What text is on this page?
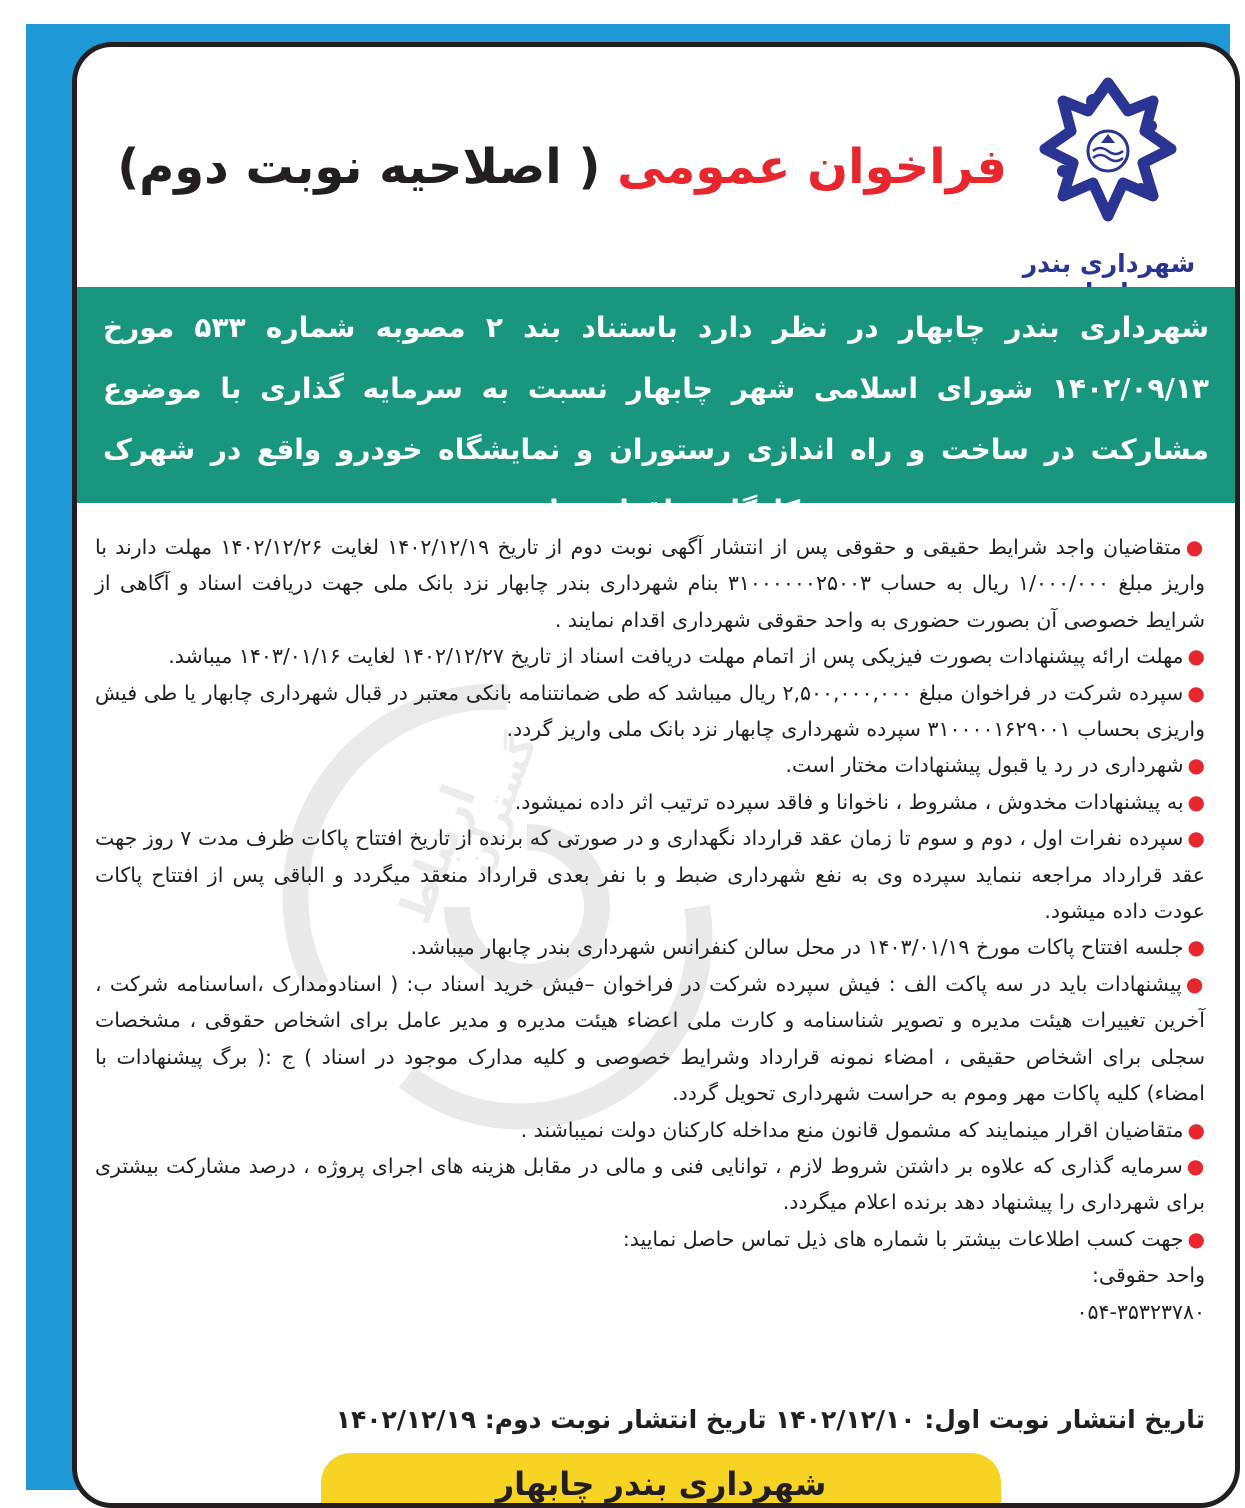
شهرداری بندر
فراخوان عمومی ( اصلاحیه نوبت دوم)
شهرداری بندر چابهار در نظر دارد باستناد بند ۲ مصوبه شماره ۵۳۳ مورخ ۱۴۰۲/۰۹/۱۳ شورای اسلامی شهر چابهار نسبت به سرمایه گذاری با موضوع مشارکت در ساخت و راه اندازی رستوران و نمایشگاه خودرو واقع در شهرک کارگاهی اقدام نماید.
ارتباط
گستران

●متقاضیان واجد شرایط حقیقی و حقوقی پس از انتشار آگهی نوبت دوم از تاریخ ۱۴۰۲/۱۲/۱۹ لغایت ۱۴۰۲/۱۲/۲۶ مهلت دارند با واریز مبلغ ۱/۰۰۰/۰۰۰ ریال به حساب ۳۱۰۰۰۰۰۰۲۵۰۰۳ بنام شهرداری بندر چابهار نزد بانک ملی جهت دریافت اسناد و آگاهی از شرایط خصوصی آن بصورت حضوری به واحد حقوقی شهرداری اقدام نمایند .

●مهلت ارائه پیشنهادات بصورت فیزیکی پس از اتمام مهلت دریافت اسناد از تاریخ ۱۴۰۲/۱۲/۲۷ لغایت ۱۴۰۳/۰۱/۱۶ میباشد.

●سپرده شرکت در فراخوان مبلغ ۲,۵۰۰,۰۰۰,۰۰۰ ریال میباشد که طی ضمانتنامه بانکی معتبر در قبال شهرداری چابهار یا طی فیش واریزی بحساب ۳۱۰۰۰۰۱۶۲۹۰۰۱ سپرده شهرداری چابهار نزد بانک ملی واریز گردد.

●شهرداری در رد یا قبول پیشنهادات مختار است.

●به پیشنهادات مخدوش ، مشروط ، ناخوانا و فاقد سپرده ترتیب اثر داده نمیشود.

●سپرده نفرات اول ، دوم و سوم تا زمان عقد قرارداد نگهداری و در صورتی که برنده از تاریخ افتتاح پاکات ظرف مدت ۷ روز جهت عقد قرارداد مراجعه ننماید سپرده وی به نفع شهرداری ضبط و با نفر بعدی قرارداد منعقد میگردد و الباقی پس از افتتاح پاکات عودت داده میشود.

●جلسه افتتاح پاکات مورخ ۱۴۰۳/۰۱/۱۹ در محل سالن کنفرانس شهرداری بندر چابهار میباشد.

●پیشنهادات باید در سه پاکت الف : فیش سپرده شرکت در فراخوان –فیش خرید اسناد ب: ( اسنادومدارک ،اساسنامه شرکت ، آخرین تغییرات هیئت مدیره و تصویر شناسنامه و کارت ملی اعضاء هیئت مدیره و مدیر عامل برای اشخاص حقوقی ، مشخصات سجلی برای اشخاص حقیقی ، امضاء نمونه قرارداد وشرایط خصوصی و کلیه مدارک موجود در اسناد ) ج :( برگ پیشنهادات با امضاء) کلیه پاکات مهر وموم به حراست شهرداری تحویل گردد.

●متقاضیان اقرار مینمایند که مشمول قانون منع مداخله کارکنان دولت نمیباشند .

●سرمایه گذاری که علاوه بر داشتن شروط لازم ، توانایی فنی و مالی در مقابل هزینه های اجرای پروژه ، درصد مشارکت بیشتری برای شهرداری را پیشنهاد دهد برنده اعلام میگردد.

●جهت کسب اطلاعات بیشتر با شماره های ذیل تماس حاصل نمایید:

واحد حقوقی:

۰۵۴-۳۵۳۲۳۷۸۰

تاریخ انتشار نوبت اول: ۱۴۰۲/۱۲/۱۰ تاریخ انتشار نوبت دوم: ۱۴۰۲/۱۲/۱۹
شهرداری بندر چابهار
